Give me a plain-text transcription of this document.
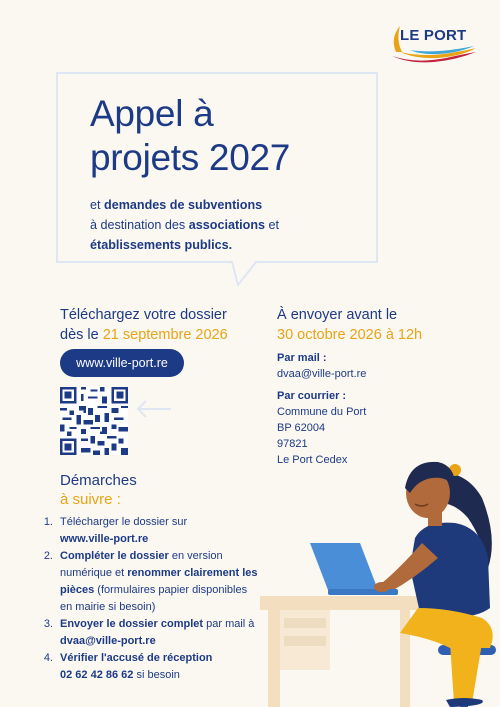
LE PORT
Appel à
projets 2027
et demandes de subventions
à destination des associations et
établissements publics.
Téléchargez votre dossier
dès le 21 septembre 2026
www.ville-port.re
Démarches
à suivre :
1. Télécharger le dossier sur
www.ville-port.re
2. Compléter le dossier en version numérique et renommer clairement les pièces (formulaires papier disponibles en mairie si besoin)
3. Envoyer le dossier complet par mail à dvaa@ville-port.re
4. Vérifier l'accusé de réception
02 62 42 86 62 si besoin
À envoyer avant le
30 octobre 2026 à 12h
Par mail :
dvaa@ville-port.re
Par courrier :
Commune du Port
BP 62004
97821
Le Port Cedex
